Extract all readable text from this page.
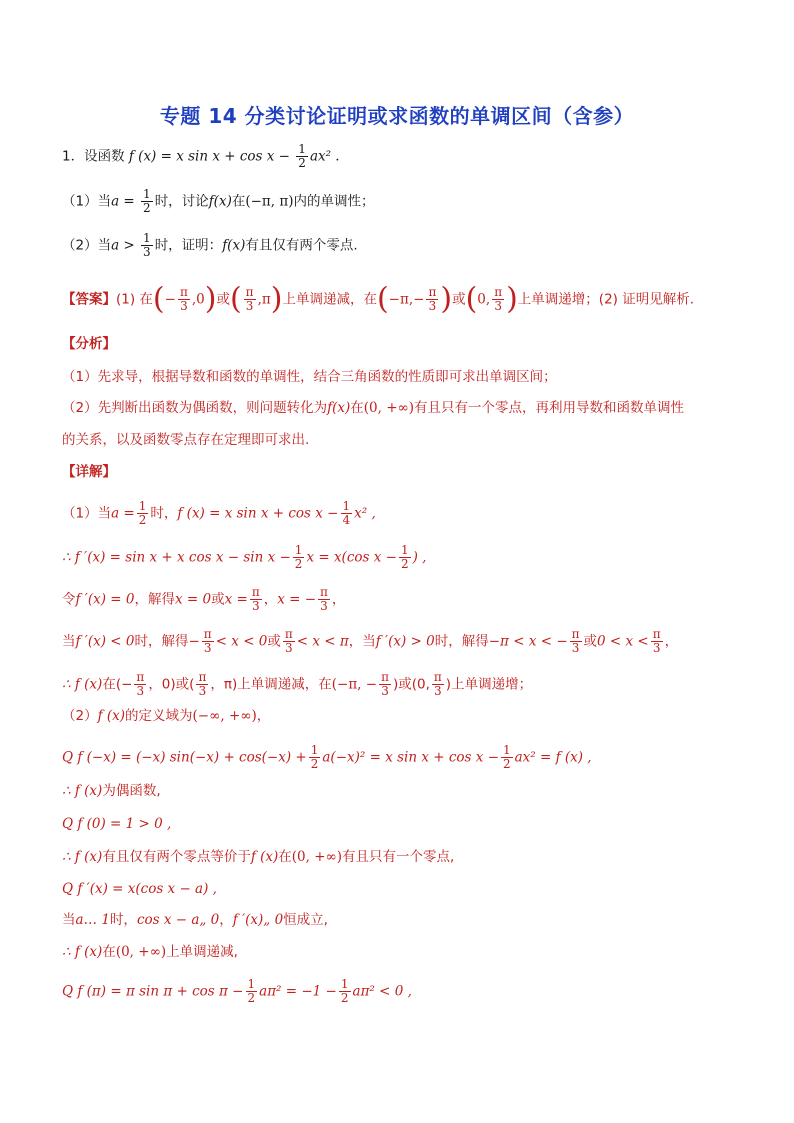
专题 14 分类讨论证明或求函数的单调区间（含参）
1．设函数 f (x) = x $\sin x + \cos x - \frac{1}{2} ax^2$ .
（1）当$a = \frac{1}{2}$ 时，讨论f(x)在(−π, π)内的单调性；
（2）当$a > \frac{1}{3}$ 时，证明：f(x)有且仅有两个零点.
【答案】(1) 在(− $\frac{\pi}{3} ,0$)或( $\frac{\pi}{3} ,\pi$)上单调递减，在($-\pi,- \frac{\pi}{3}$ )或(0, $\frac{\pi}{3}$ )上单调递增；(2) 证明见解析.
【分析】
（1）先求导，根据导数和函数的单调性，结合三角函数的性质即可求出单调区间；
（2）先判断出函数为偶函数，则问题转化为f(x)在(0, +∞)有且只有一个零点，再利用导数和函数单调性
的关系，以及函数零点存在定理即可求出.
【详解】
（1）当$a = \frac{1}{2}$ 时，f (x) = x $\sin x + \cos x - \frac{1}{4} x^2$ ,
∴ f ′(x) = sin x + x $\cos x - \sin x - \frac{1}{2}$ x = x(cos $x - \frac{1}{2}$ ) ,
令f ′(x) = 0，解得x = 0或$x = \frac{\pi}{3}$ ，x = − $\frac{\pi}{3}$ ，
当f ′(x) < 0时，解得− $\frac{\pi}{3} < x < 0$或 $\frac{\pi}{3} < x < \pi$，当f ′(x) > 0时，解得−π < x < − $\frac{\pi}{3}$ 或$0 < x < \frac{\pi}{3}$ ，
∴ f (x)在(− $\frac{\pi}{3}$ ，0)或( $\frac{\pi}{3}$ ，π)上单调递减，在(−π, − $\frac{\pi}{3}$ )或(0, $\frac{\pi}{3}$ )上单调递增；
（2）f (x)的定义域为(−∞, +∞)，
Q f (−x) = (−x) $\sin(-x) + \cos(-x) + \frac{1}{2} a(-x)^2 = x$ $\sin x + \cos x - \frac{1}{2} ax^2 = f$ (x) ,
∴ f (x)为偶函数,
Q f (0) = 1 > 0 ,
∴ f (x)有且仅有两个零点等价于f (x)在(0, +∞)有且只有一个零点,
Q f ′(x) = x(cos x − a) ,
当a… 1时，cos x − a„ 0，f ′(x)„ 0恒成立,
∴ f (x)在(0, +∞)上单调递减,
Q f (π) = π $\sin \pi + \cos \pi - \frac{1}{2} a\pi^2 = -1 - \frac{1}{2} a\pi^2 < 0$ ,
